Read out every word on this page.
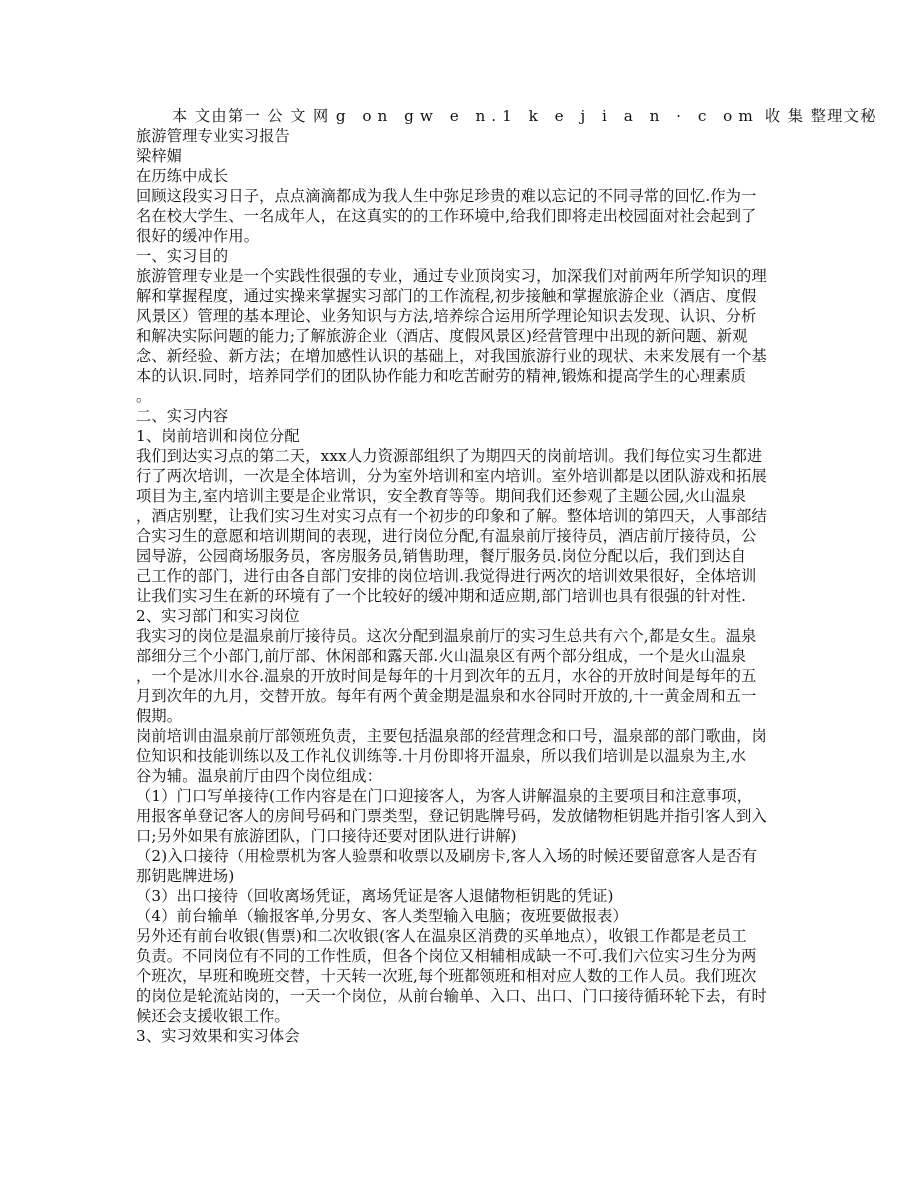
本 文由第一 公 文 网 g on gw e n.1 k e j i a n · c om 收 集 整理文秘
旅游管理专业实习报告
梁梓媚
在历练中成长
回顾这段实习日子，点点滴滴都成为我人生中弥足珍贵的难以忘记的不同寻常的回忆.作为一
名在校大学生、一名成年人，在这真实的的工作环境中,给我们即将走出校园面对社会起到了
很好的缓冲作用。
一、实习目的
旅游管理专业是一个实践性很强的专业，通过专业顶岗实习，加深我们对前两年所学知识的理
解和掌握程度，通过实操来掌握实习部门的工作流程,初步接触和掌握旅游企业（酒店、度假
风景区）管理的基本理论、业务知识与方法,培养综合运用所学理论知识去发现、认识、分析
和解决实际问题的能力;了解旅游企业（酒店、度假风景区)经营管理中出现的新问题、新观
念、新经验、新方法；在增加感性认识的基础上，对我国旅游行业的现状、未来发展有一个基
本的认识.同时，培养同学们的团队协作能力和吃苦耐劳的精神,锻炼和提高学生的心理素质
。
二、实习内容
1、岗前培训和岗位分配
我们到达实习点的第二天，xxx人力资源部组织了为期四天的岗前培训。我们每位实习生都进
行了两次培训，一次是全体培训，分为室外培训和室内培训。室外培训都是以团队游戏和拓展
项目为主,室内培训主要是企业常识，安全教育等等。期间我们还参观了主题公园,火山温泉
，酒店别墅，让我们实习生对实习点有一个初步的印象和了解。整体培训的第四天，人事部结
合实习生的意愿和培训期间的表现，进行岗位分配,有温泉前厅接待员，酒店前厅接待员，公
园导游，公园商场服务员，客房服务员,销售助理，餐厅服务员.岗位分配以后，我们到达自
己工作的部门，进行由各自部门安排的岗位培训.我觉得进行两次的培训效果很好，全体培训
让我们实习生在新的环境有了一个比较好的缓冲期和适应期,部门培训也具有很强的针对性.
2、实习部门和实习岗位
我实习的岗位是温泉前厅接待员。这次分配到温泉前厅的实习生总共有六个,都是女生。温泉
部细分三个小部门,前厅部、休闲部和露天部.火山温泉区有两个部分组成，一个是火山温泉
，一个是冰川水谷.温泉的开放时间是每年的十月到次年的五月，水谷的开放时间是每年的五
月到次年的九月，交替开放。每年有两个黄金期是温泉和水谷同时开放的,十一黄金周和五一
假期。
岗前培训由温泉前厅部领班负责，主要包括温泉部的经营理念和口号，温泉部的部门歌曲，岗
位知识和技能训练以及工作礼仪训练等.十月份即将开温泉，所以我们培训是以温泉为主,水
谷为辅。温泉前厅由四个岗位组成：
（1）门口写单接待(工作内容是在门口迎接客人，为客人讲解温泉的主要项目和注意事项，
用报客单登记客人的房间号码和门票类型，登记钥匙牌号码，发放储物柜钥匙并指引客人到入
口;另外如果有旅游团队，门口接待还要对团队进行讲解)
（2)入口接待（用检票机为客人验票和收票以及刷房卡,客人入场的时候还要留意客人是否有
那钥匙牌进场)
（3）出口接待（回收离场凭证，离场凭证是客人退储物柜钥匙的凭证)
（4）前台输单（输报客单,分男女、客人类型输入电脑；夜班要做报表）
另外还有前台收银(售票)和二次收银(客人在温泉区消费的买单地点），收银工作都是老员工
负责。不同岗位有不同的工作性质，但各个岗位又相辅相成缺一不可.我们六位实习生分为两
个班次，早班和晚班交替，十天转一次班,每个班都领班和相对应人数的工作人员。我们班次
的岗位是轮流站岗的，一天一个岗位，从前台输单、入口、出口、门口接待循环轮下去，有时
候还会支援收银工作。
3、实习效果和实习体会
